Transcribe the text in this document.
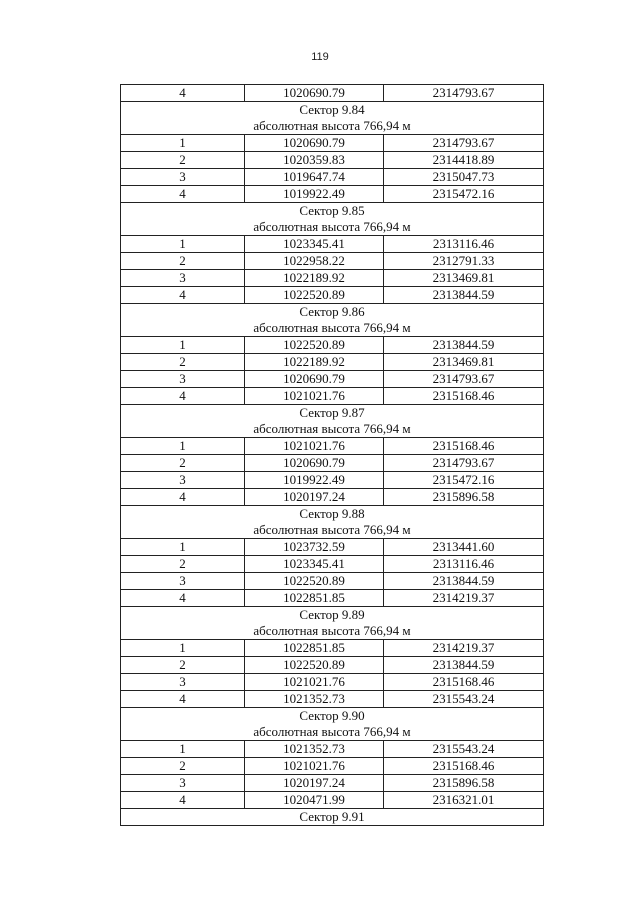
119
4	1020690.79	2314793.67
Сектор 9.84		
абсолютная высота 766,94 м		
1	1020690.79	2314793.67
2	1020359.83	2314418.89
3	1019647.74	2315047.73
4	1019922.49	2315472.16
Сектор 9.85		
абсолютная высота 766,94 м		
1	1023345.41	2313116.46
2	1022958.22	2312791.33
3	1022189.92	2313469.81
4	1022520.89	2313844.59
Сектор 9.86		
абсолютная высота 766,94 м		
1	1022520.89	2313844.59
2	1022189.92	2313469.81
3	1020690.79	2314793.67
4	1021021.76	2315168.46
Сектор 9.87		
абсолютная высота 766,94 м		
1	1021021.76	2315168.46
2	1020690.79	2314793.67
3	1019922.49	2315472.16
4	1020197.24	2315896.58
Сектор 9.88		
абсолютная высота 766,94 м		
1	1023732.59	2313441.60
2	1023345.41	2313116.46
3	1022520.89	2313844.59
4	1022851.85	2314219.37
Сектор 9.89		
абсолютная высота 766,94 м		
1	1022851.85	2314219.37
2	1022520.89	2313844.59
3	1021021.76	2315168.46
4	1021352.73	2315543.24
Сектор 9.90		
абсолютная высота 766,94 м		
1	1021352.73	2315543.24
2	1021021.76	2315168.46
3	1020197.24	2315896.58
4	1020471.99	2316321.01
Сектор 9.91		
